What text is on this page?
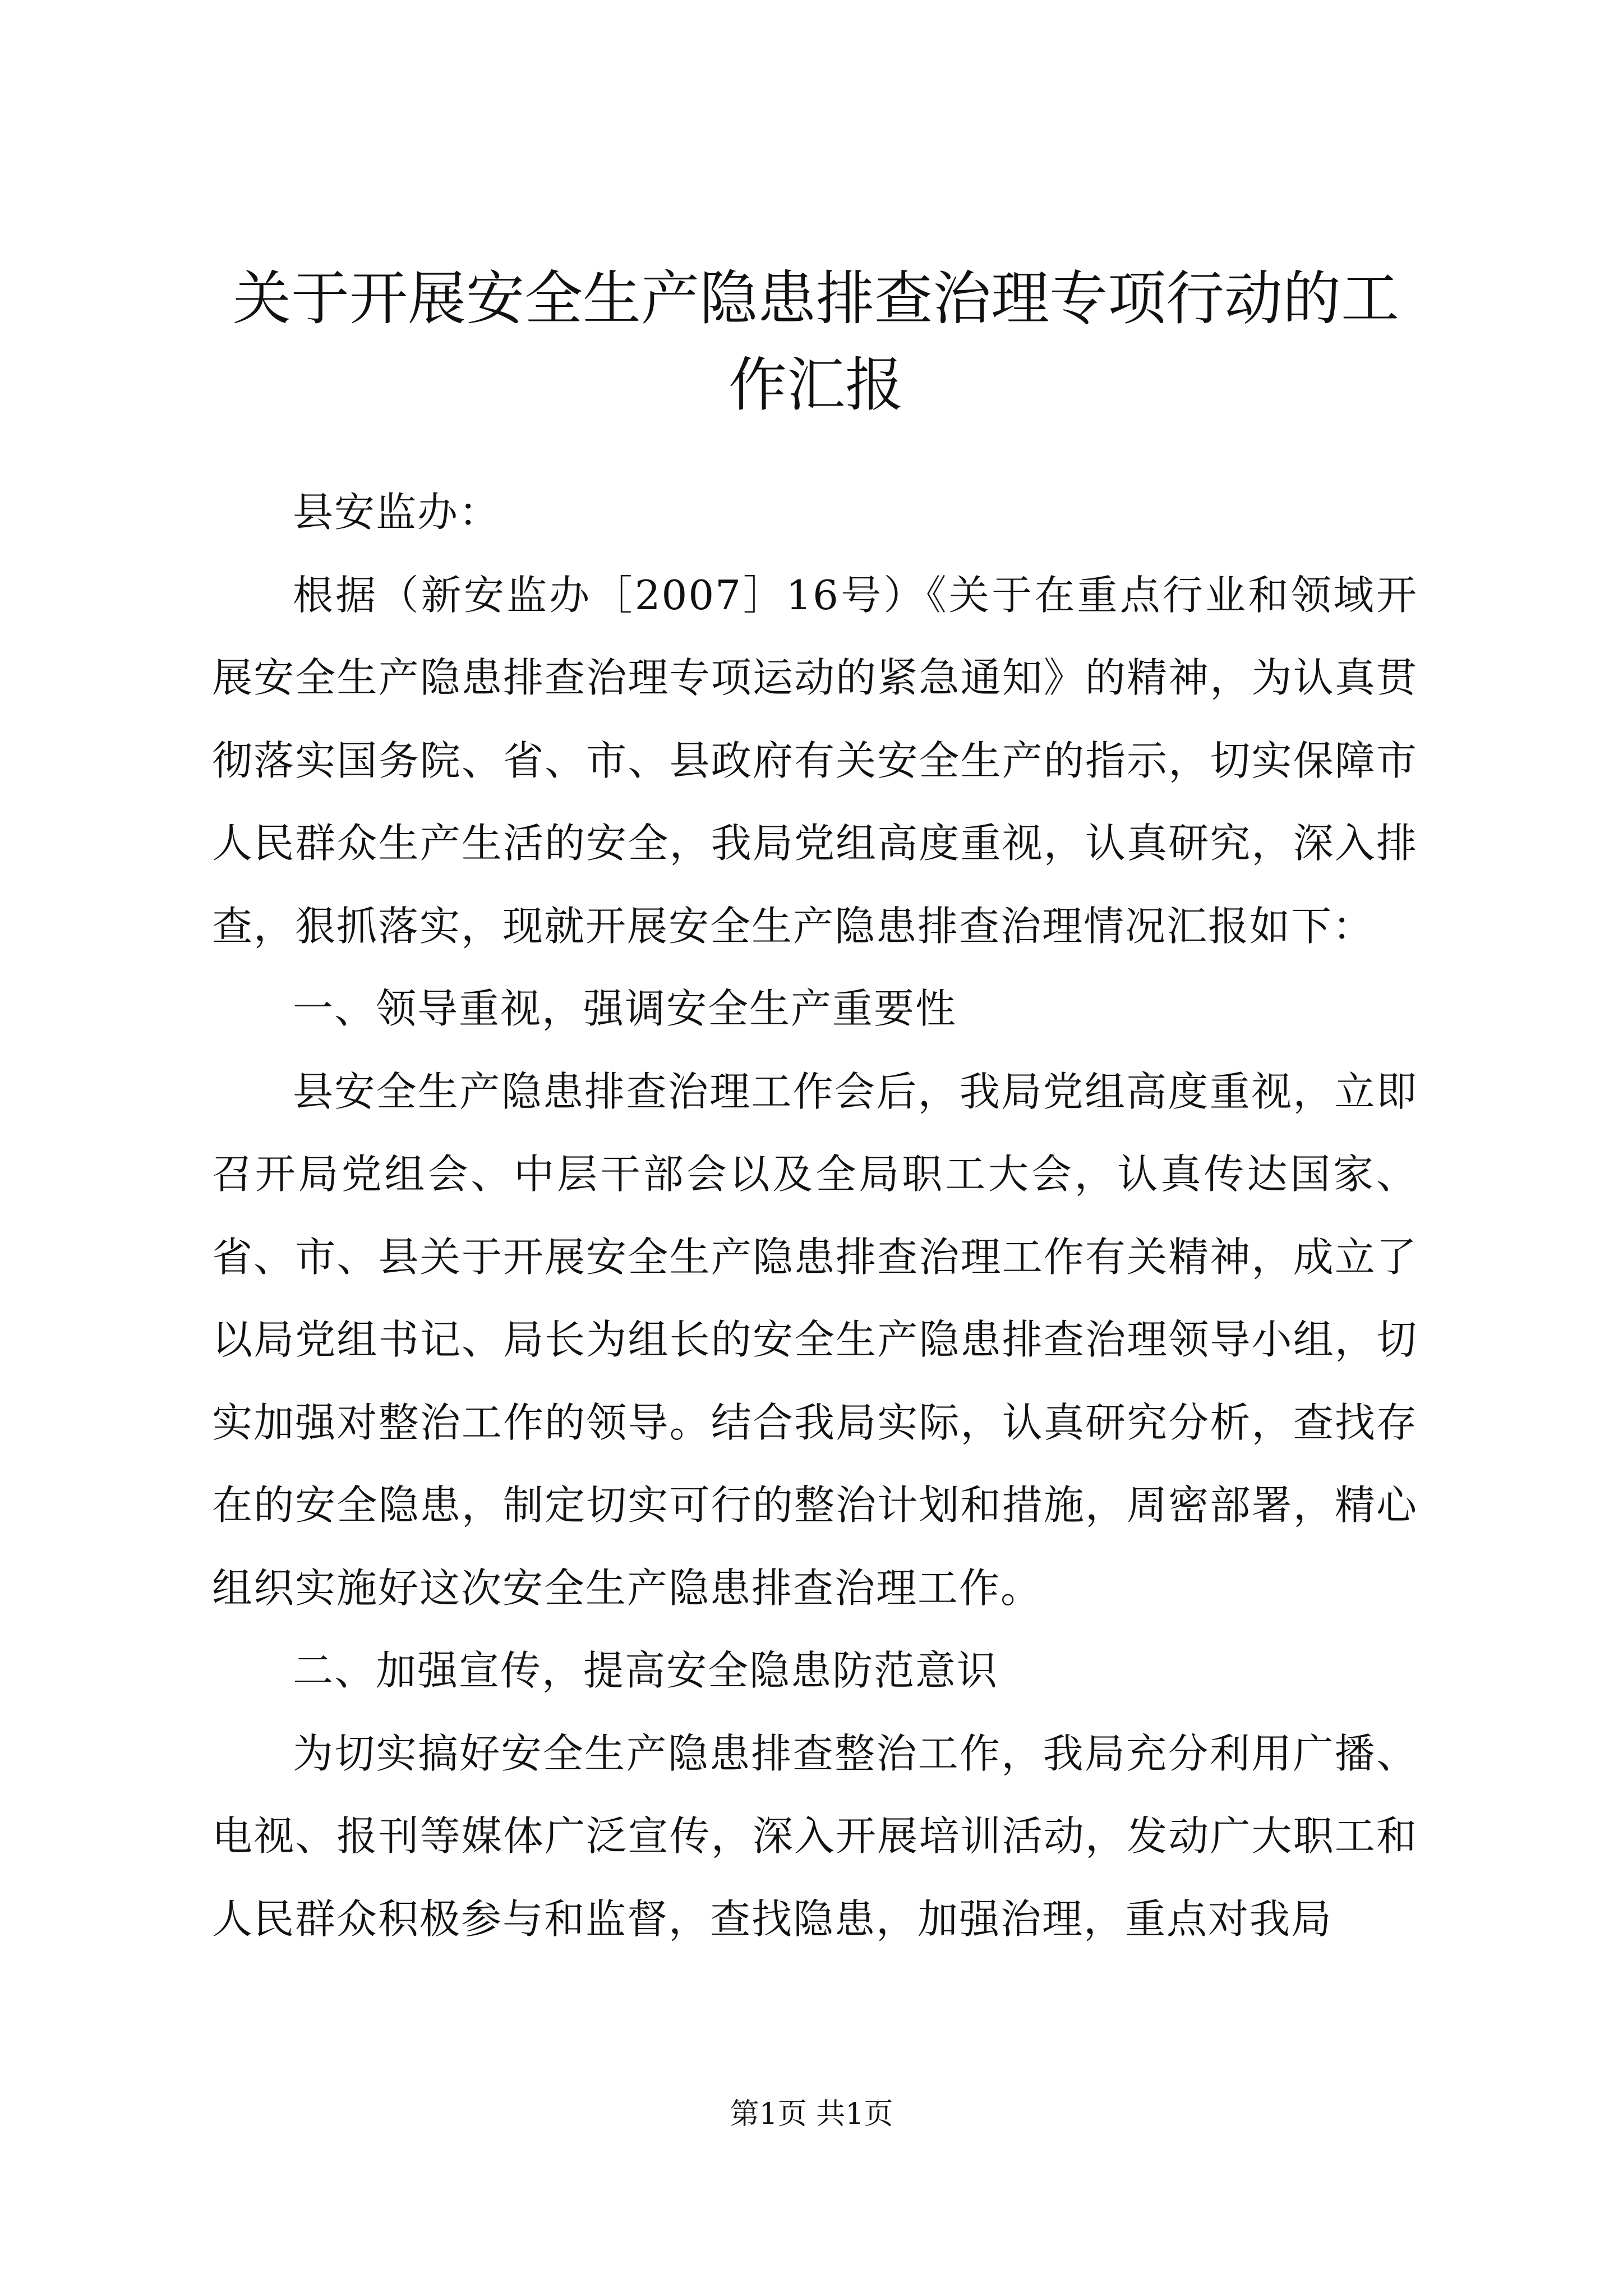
关于开展安全生产隐患排查治理专项行动的工作汇报

县安监办：

根据（新安监办［2007］16号）《关于在重点行业和领域开展安全生产隐患排查治理专项运动的紧急通知》的精神，为认真贯彻落实国务院、省、市、县政府有关安全生产的指示，切实保障市人民群众生产生活的安全，我局党组高度重视，认真研究，深入排查，狠抓落实，现就开展安全生产隐患排查治理情况汇报如下：

一、领导重视，强调安全生产重要性

县安全生产隐患排查治理工作会后，我局党组高度重视，立即召开局党组会、中层干部会以及全局职工大会，认真传达国家、省、市、县关于开展安全生产隐患排查治理工作有关精神，成立了以局党组书记、局长为组长的安全生产隐患排查治理领导小组，切实加强对整治工作的领导。结合我局实际，认真研究分析，查找存在的安全隐患，制定切实可行的整治计划和措施，周密部署，精心组织实施好这次安全生产隐患排查治理工作。

二、加强宣传，提高安全隐患防范意识

为切实搞好安全生产隐患排查整治工作，我局充分利用广播、电视、报刊等媒体广泛宣传，深入开展培训活动，发动广大职工和人民群众积极参与和监督，查找隐患，加强治理，重点对我局

第1页 共1页
